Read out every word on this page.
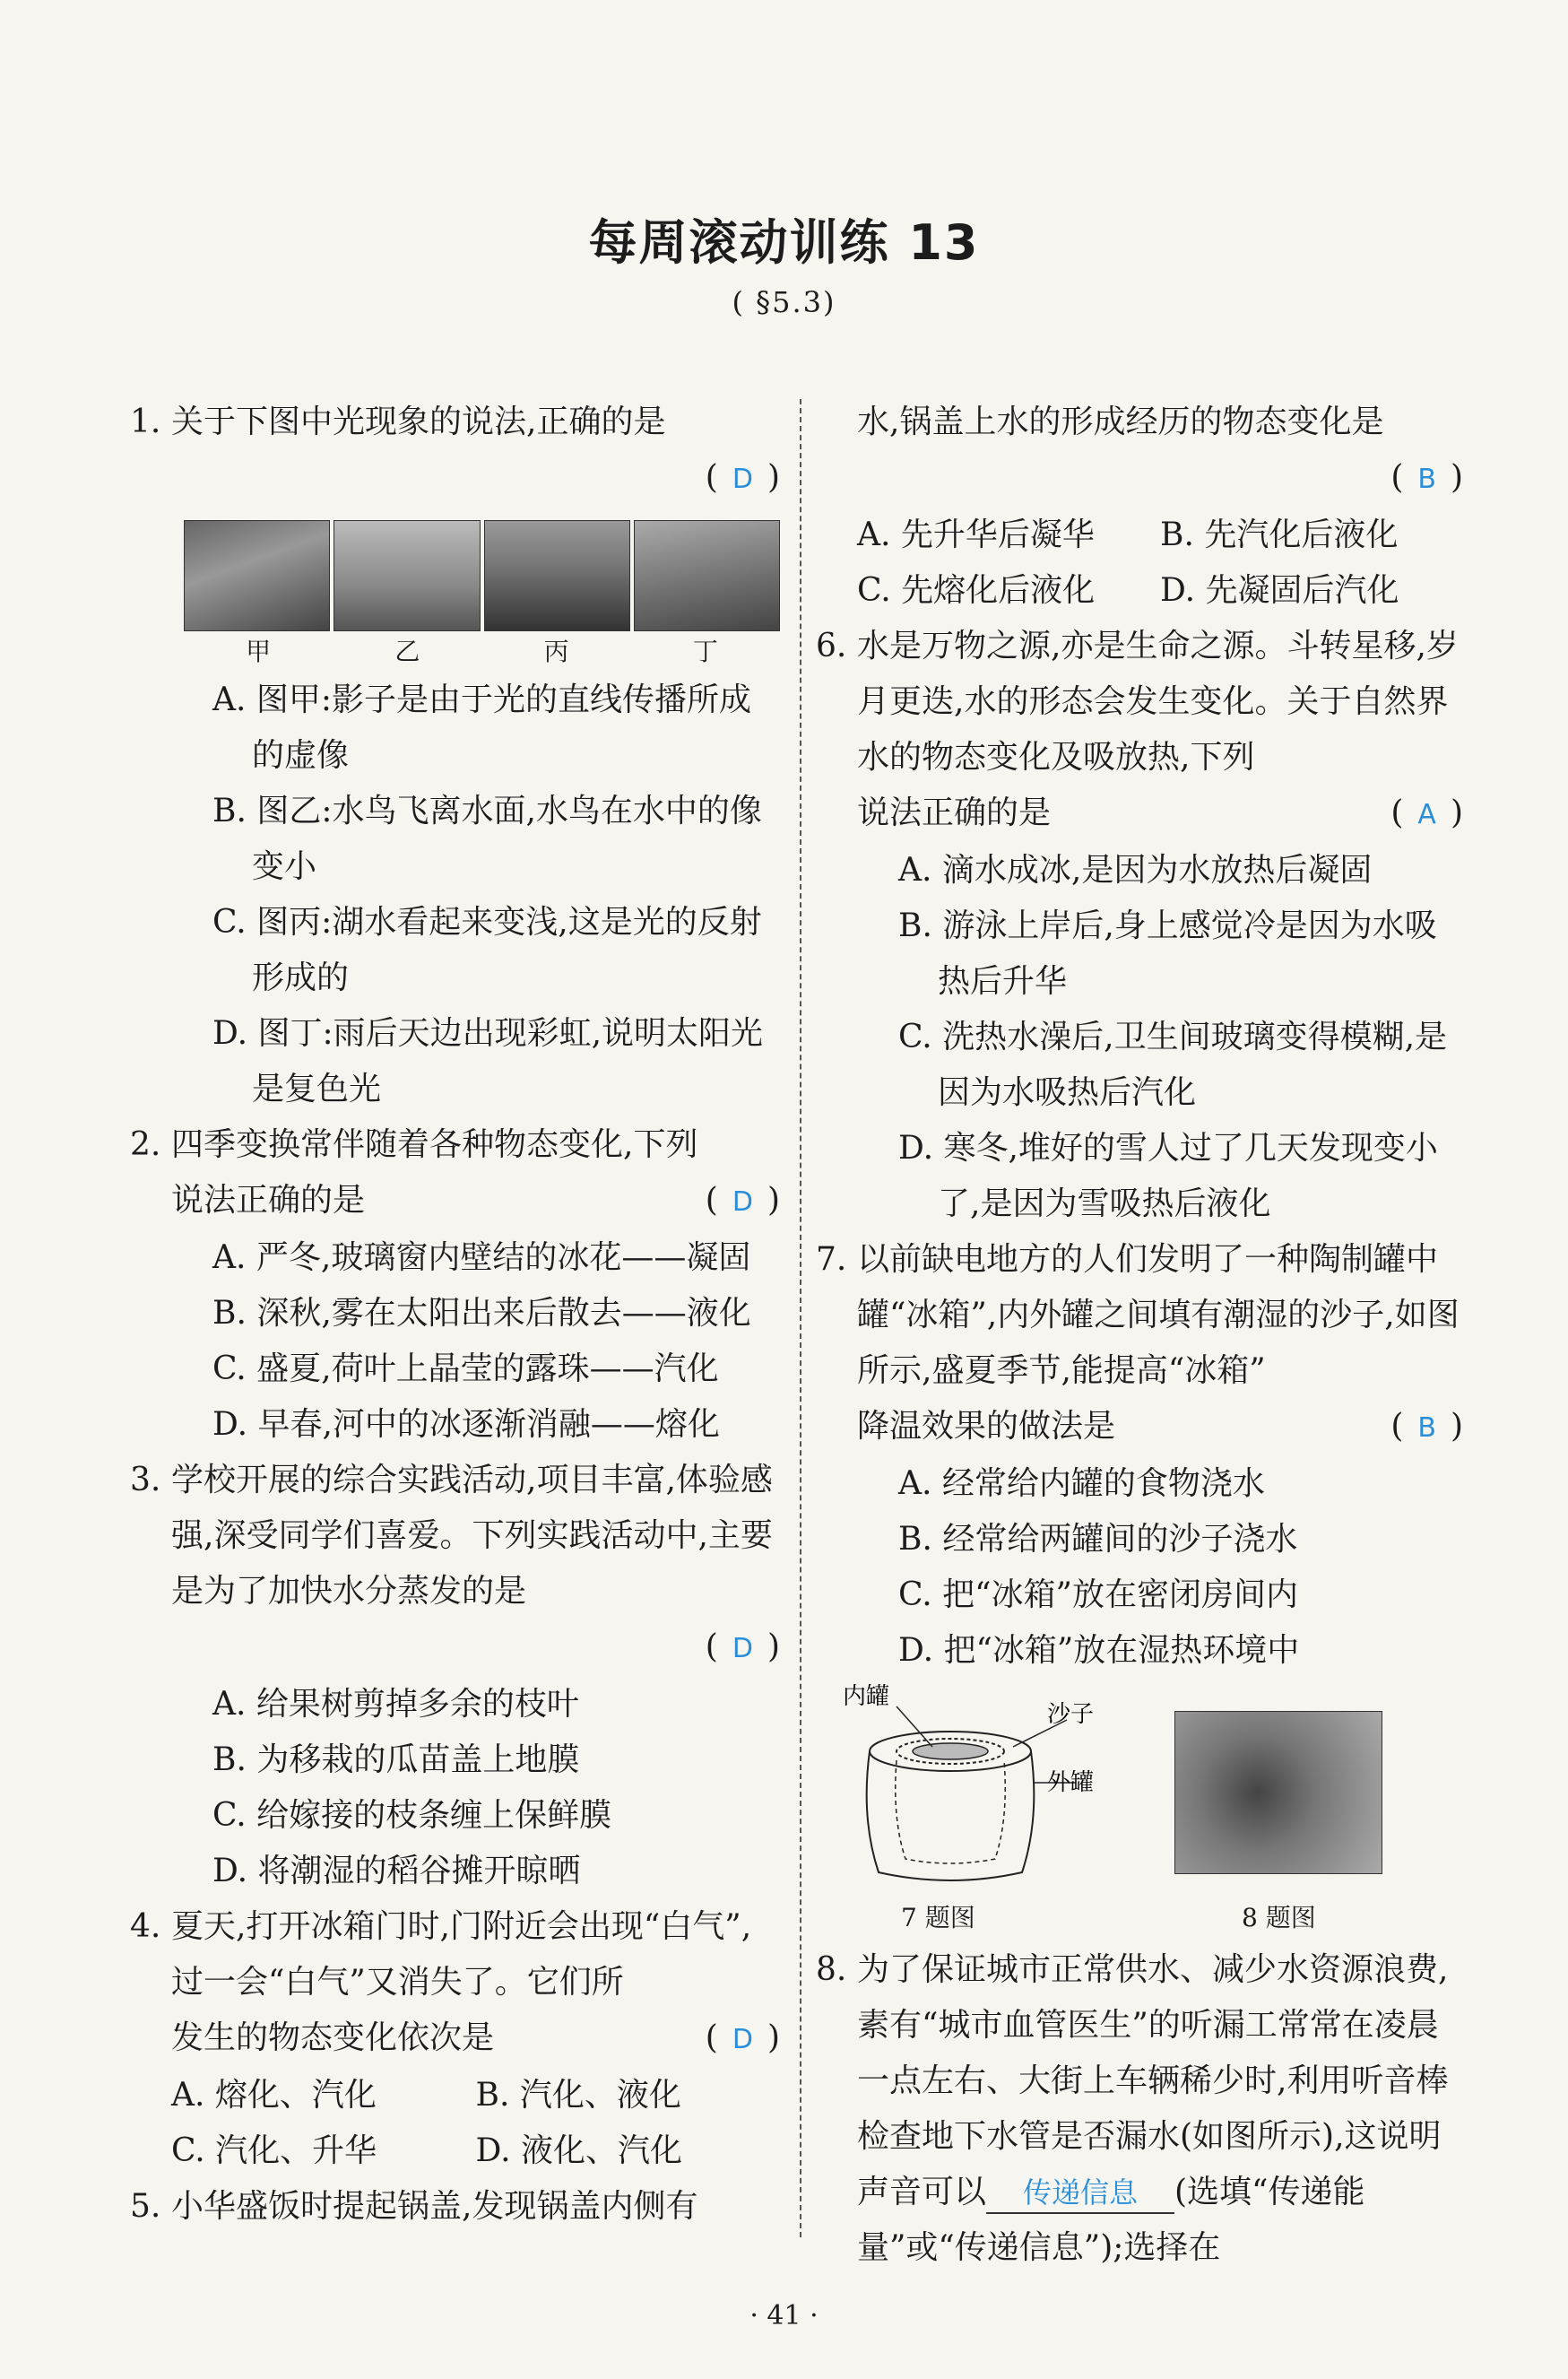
每周滚动训练 13
( §5.3)
1. 关于下图中光现象的说法,正确的是
( D )
甲	乙	丙	丁
A. 图甲:影子是由于光的直线传播所成的虚像
B. 图乙:水鸟飞离水面,水鸟在水中的像变小
C. 图丙:湖水看起来变浅,这是光的反射形成的
D. 图丁:雨后天边出现彩虹,说明太阳光是复色光
2. 四季变换常伴随着各种物态变化,下列
说法正确的是	( D )
A. 严冬,玻璃窗内壁结的冰花——凝固
B. 深秋,雾在太阳出来后散去——液化
C. 盛夏,荷叶上晶莹的露珠——汽化
D. 早春,河中的冰逐渐消融——熔化
3. 学校开展的综合实践活动,项目丰富,体验感强,深受同学们喜爱。下列实践活动中,主要是为了加快水分蒸发的是
( D )
A. 给果树剪掉多余的枝叶
B. 为移栽的瓜苗盖上地膜
C. 给嫁接的枝条缠上保鲜膜
D. 将潮湿的稻谷摊开晾晒
4. 夏天,打开冰箱门时,门附近会出现“白气”,过一会“白气”又消失了。它们所
发生的物态变化依次是	( D )
A. 熔化、汽化	B. 汽化、液化
C. 汽化、升华	D. 液化、汽化
5. 小华盛饭时提起锅盖,发现锅盖内侧有
水,锅盖上水的形成经历的物态变化是
( B )
A. 先升华后凝华	B. 先汽化后液化
C. 先熔化后液化	D. 先凝固后汽化
6. 水是万物之源,亦是生命之源。斗转星移,岁月更迭,水的形态会发生变化。关于自然界水的物态变化及吸放热,下列
说法正确的是	( A )
A. 滴水成冰,是因为水放热后凝固
B. 游泳上岸后,身上感觉冷是因为水吸热后升华
C. 洗热水澡后,卫生间玻璃变得模糊,是因为水吸热后汽化
D. 寒冬,堆好的雪人过了几天发现变小了,是因为雪吸热后液化
7. 以前缺电地方的人们发明了一种陶制罐中罐“冰箱”,内外罐之间填有潮湿的沙子,如图所示,盛夏季节,能提高“冰箱”
降温效果的做法是	( B )
A. 经常给内罐的食物浇水
B. 经常给两罐间的沙子浇水
C. 把“冰箱”放在密闭房间内
D. 把“冰箱”放在湿热环境中
内罐
沙子
外罐
7 题图	8 题图
8. 为了保证城市正常供水、减少水资源浪费,素有“城市血管医生”的听漏工常常在凌晨一点左右、大街上车辆稀少时,利用听音棒检查地下水管是否漏水(如图所示),这说明声音可以 传递信息 (选填“传递能量”或“传递信息”);选择在
· 41 ·
